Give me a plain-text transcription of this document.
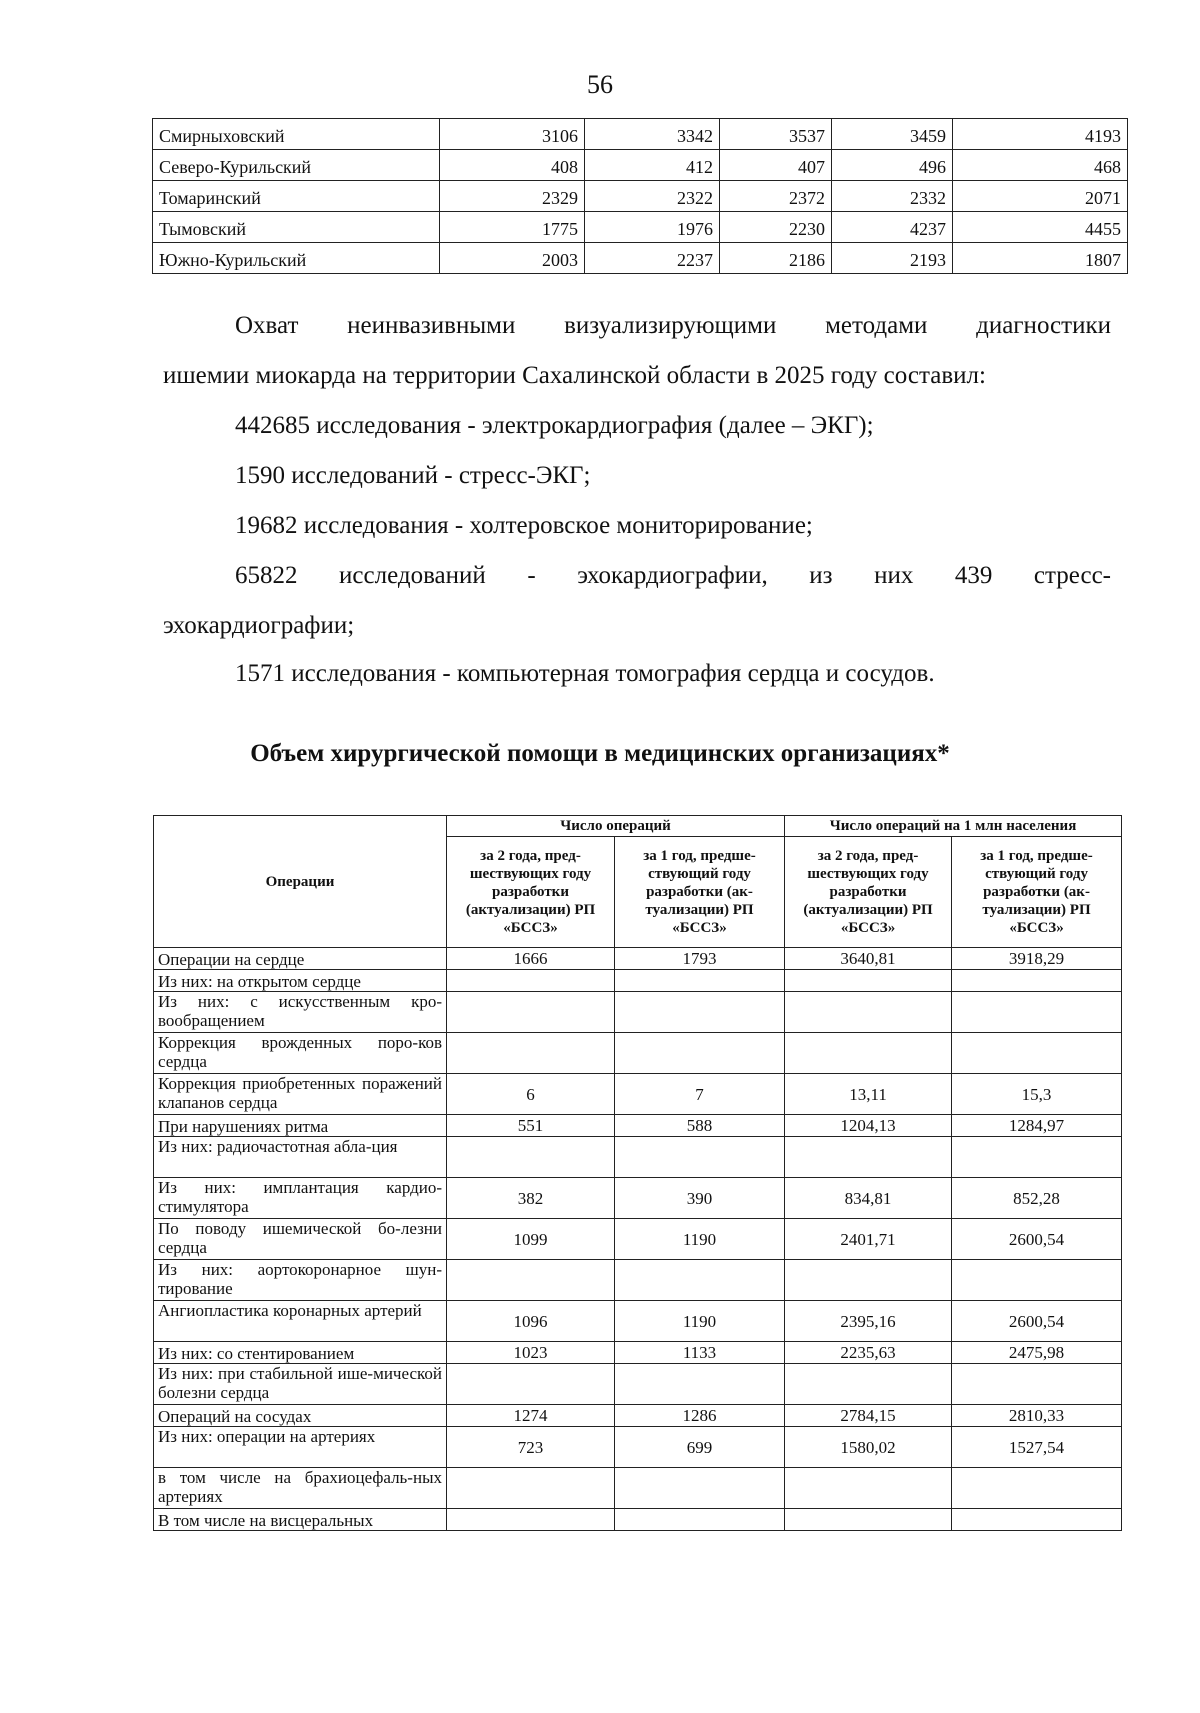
56
Смирныховский	3106	3342	3537	3459	4193
Северо-Курильский	408	412	407	496	468
Томаринский	2329	2322	2372	2332	2071
Тымовский	1775	1976	2230	4237	4455
Южно-Курильский	2003	2237	2186	2193	1807

Охват неинвазивными визуализирующими методами диагностики

ишемии миокарда на территории Сахалинской области в 2025 году составил:

442685 исследования - электрокардиография (далее – ЭКГ);

1590 исследований - стресс-ЭКГ;

19682 исследования - холтеровское мониторирование;

65822 исследований - эхокардиографии, из них 439 стресс-

эхокардиографии;

1571 исследования - компьютерная томография сердца и сосудов.

Объем хирургической помощи в медицинских организациях*
Операции	Число операций		Число операций на 1 млн населения	
	за 2 года, пред-шествующих году разработки (актуализации) РП «БССЗ»	за 1 год, предше-ствующий году разработки (ак-туализации) РП «БССЗ»	за 2 года, пред-шествующих году разработки (актуализации) РП «БССЗ»	за 1 год, предше-ствующий году разработки (ак-туализации) РП «БССЗ»
Операции на сердце	1666	1793	3640,81	3918,29
Из них: на открытом сердце				
Из них: с искусственным кро-вообращением				
Коррекция врожденных поро-ков сердца				
Коррекция приобретенных поражений клапанов сердца	6	7	13,11	15,3
При нарушениях ритма	551	588	1204,13	1284,97
Из них: радиочастотная абла-ция				
Из них: имплантация кардио-стимулятора	382	390	834,81	852,28
По поводу ишемической бо-лезни сердца	1099	1190	2401,71	2600,54
Из них: аортокоронарное шун-тирование				
Ангиопластика коронарных артерий	1096	1190	2395,16	2600,54
Из них: со стентированием	1023	1133	2235,63	2475,98
Из них: при стабильной ише-мической болезни сердца				
Операций на сосудах	1274	1286	2784,15	2810,33
Из них: операции на артериях	723	699	1580,02	1527,54
в том числе на брахиоцефаль-ных артериях				
В том числе на висцеральных				
